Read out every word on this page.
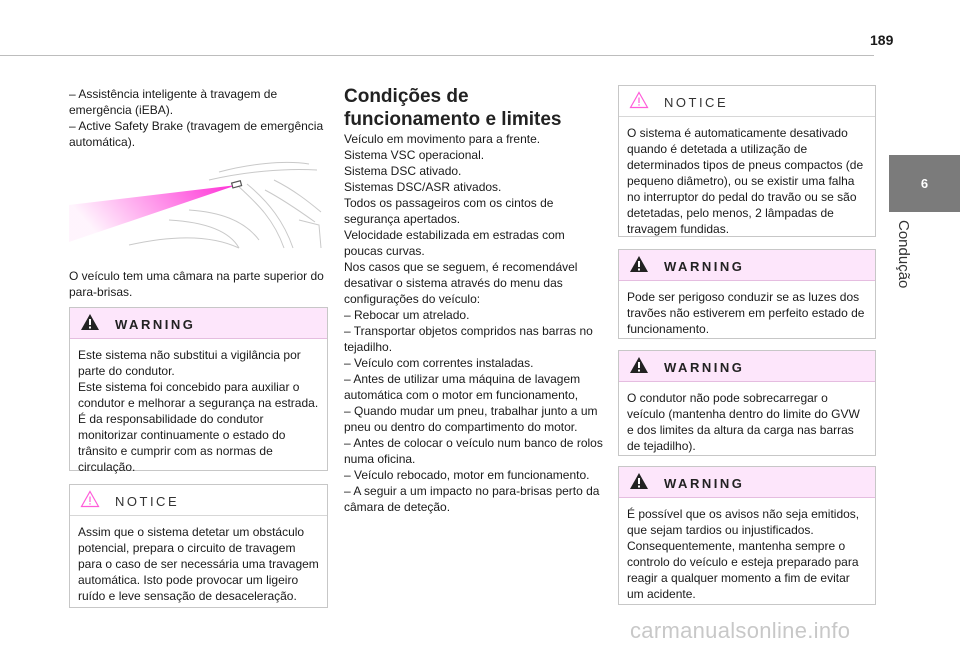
189
6
Condução

– Assistência inteligente à travagem de emergência (iEBA).

– Active Safety Brake (travagem de emergência automática).

O veículo tem uma câmara na parte superior do para-brisas.
WARNING

Este sistema não substitui a vigilância por parte do condutor.

Este sistema foi concebido para auxiliar o condutor e melhorar a segurança na estrada.

É da responsabilidade do condutor monitorizar continuamente o estado do trânsito e cumprir com as normas de circulação.

NOTICE

Assim que o sistema detetar um obstáculo potencial, prepara o circuito de travagem para o caso de ser necessária uma travagem automática. Isto pode provocar um ligeiro ruído e leve sensação de desaceleração.

Condições de funcionamento e limites

Veículo em movimento para a frente.

Sistema VSC operacional.

Sistema DSC ativado.

Sistemas DSC/ASR ativados.

Todos os passageiros com os cintos de segurança apertados.

Velocidade estabilizada em estradas com poucas curvas.

Nos casos que se seguem, é recomendável desativar o sistema através do menu das configurações do veículo:

– Rebocar um atrelado.

– Transportar objetos compridos nas barras no tejadilho.

– Veículo com correntes instaladas.

– Antes de utilizar uma máquina de lavagem automática com o motor em funcionamento,

– Quando mudar um pneu, trabalhar junto a um pneu ou dentro do compartimento do motor.

– Antes de colocar o veículo num banco de rolos numa oficina.

– Veículo rebocado, motor em funcionamento.

– A seguir a um impacto no para-brisas perto da câmara de deteção.

NOTICE
O sistema é automaticamente desativado quando é detetada a utilização de determinados tipos de pneus compactos (de pequeno diâmetro), ou se existir uma falha no interruptor do pedal do travão ou se são detetadas, pelo menos, 2 lâmpadas de travagem fundidas.
WARNING
Pode ser perigoso conduzir se as luzes dos travões não estiverem em perfeito estado de funcionamento.
WARNING
O condutor não pode sobrecarregar o veículo (mantenha dentro do limite do GVW e dos limites da altura da carga nas barras de tejadilho).
WARNING
É possível que os avisos não seja emitidos, que sejam tardios ou injustificados. Consequentemente, mantenha sempre o controlo do veículo e esteja preparado para reagir a qualquer momento a fim de evitar um acidente.
carmanualsonline.info
